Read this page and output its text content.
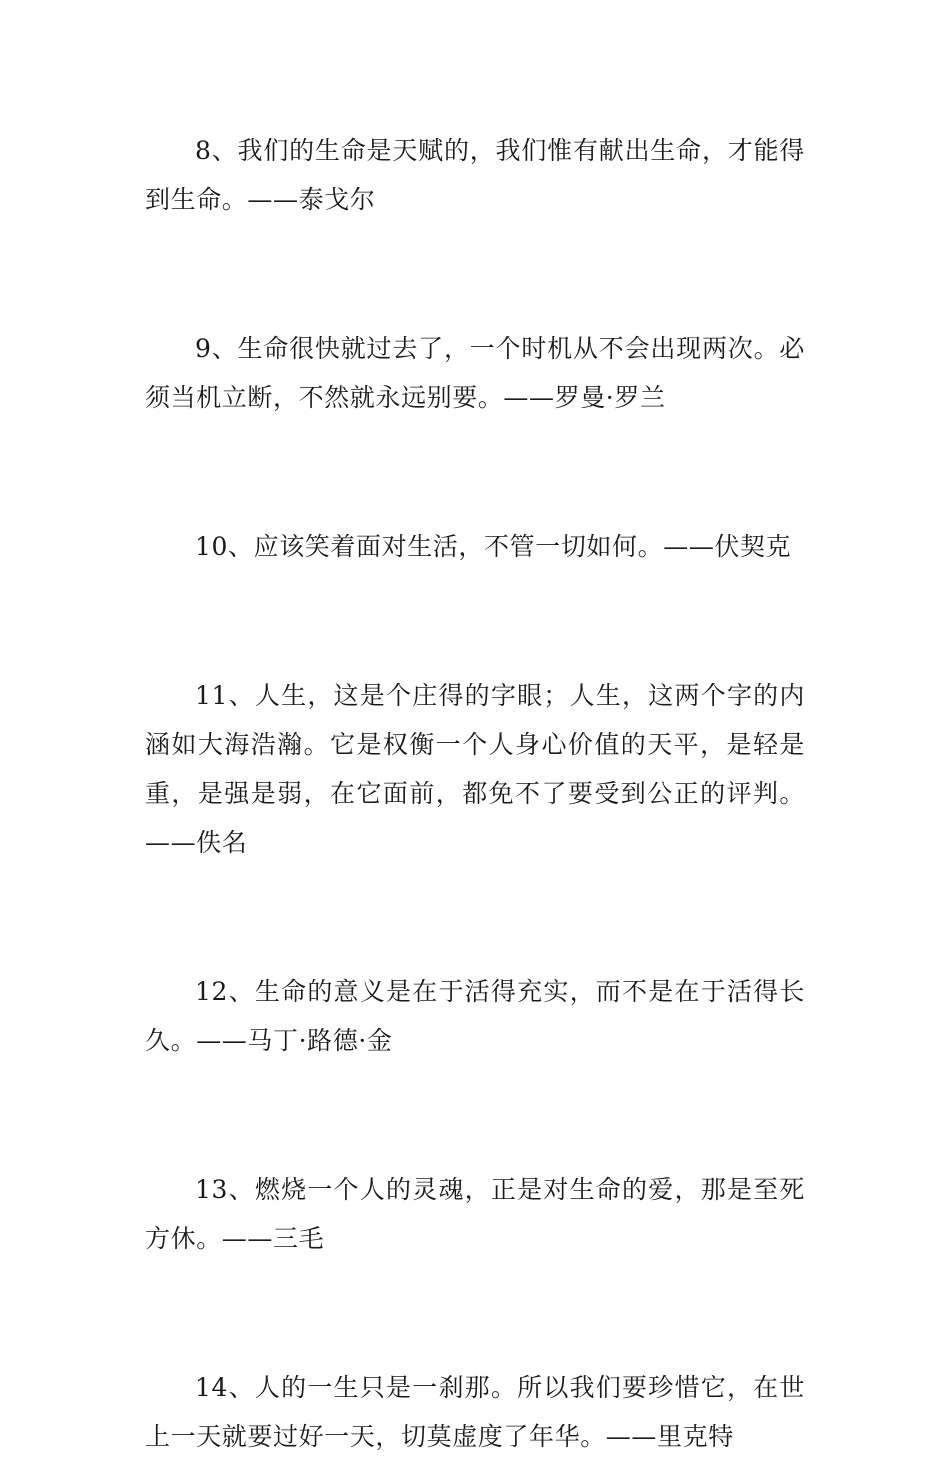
8、我们的生命是天赋的，我们惟有献出生命，才能得到生命。——泰戈尔

9、生命很快就过去了，一个时机从不会出现两次。必须当机立断，不然就永远别要。——罗曼·罗兰

10、应该笑着面对生活，不管一切如何。——伏契克

11、人生，这是个庄得的字眼；人生，这两个字的内涵如大海浩瀚。它是权衡一个人身心价值的天平，是轻是重，是强是弱，在它面前，都免不了要受到公正的评判。——佚名

12、生命的意义是在于活得充实，而不是在于活得长久。——马丁·路德·金

13、燃烧一个人的灵魂，正是对生命的爱，那是至死方休。——三毛

14、人的一生只是一刹那。所以我们要珍惜它，在世上一天就要过好一天，切莫虚度了年华。——里克特
